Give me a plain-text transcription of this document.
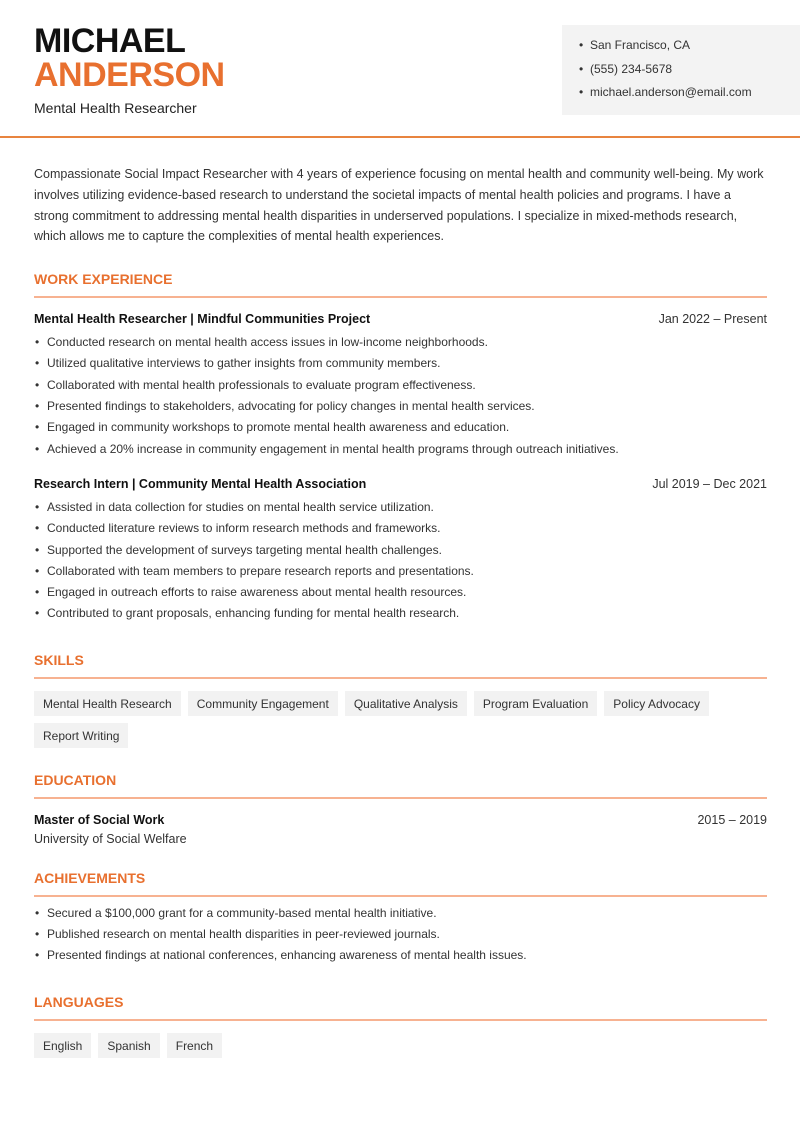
MICHAEL
ANDERSON
Mental Health Researcher
• San Francisco, CA
• (555) 234-5678
• michael.anderson@email.com

Compassionate Social Impact Researcher with 4 years of experience focusing on mental health and community well-being. My work involves utilizing evidence-based research to understand the societal impacts of mental health policies and programs. I have a strong commitment to addressing mental health disparities in underserved populations. I specialize in mixed-methods research, which allows me to capture the complexities of mental health experiences.

WORK EXPERIENCE
Mental Health Researcher | Mindful Communities Project	Jan 2022 – Present
• Conducted research on mental health access issues in low-income neighborhoods.
• Utilized qualitative interviews to gather insights from community members.
• Collaborated with mental health professionals to evaluate program effectiveness.
• Presented findings to stakeholders, advocating for policy changes in mental health services.
• Engaged in community workshops to promote mental health awareness and education.
• Achieved a 20% increase in community engagement in mental health programs through outreach initiatives.
Research Intern | Community Mental Health Association	Jul 2019 – Dec 2021
• Assisted in data collection for studies on mental health service utilization.
• Conducted literature reviews to inform research methods and frameworks.
• Supported the development of surveys targeting mental health challenges.
• Collaborated with team members to prepare research reports and presentations.
• Engaged in outreach efforts to raise awareness about mental health resources.
• Contributed to grant proposals, enhancing funding for mental health research.
SKILLS
Mental Health Research	Community Engagement	Qualitative Analysis	Program Evaluation	Policy Advocacy
Report Writing
EDUCATION
Master of Social Work	2015 – 2019
University of Social Welfare
ACHIEVEMENTS
• Secured a $100,000 grant for a community-based mental health initiative.
• Published research on mental health disparities in peer-reviewed journals.
• Presented findings at national conferences, enhancing awareness of mental health issues.
LANGUAGES
English	Spanish	French
